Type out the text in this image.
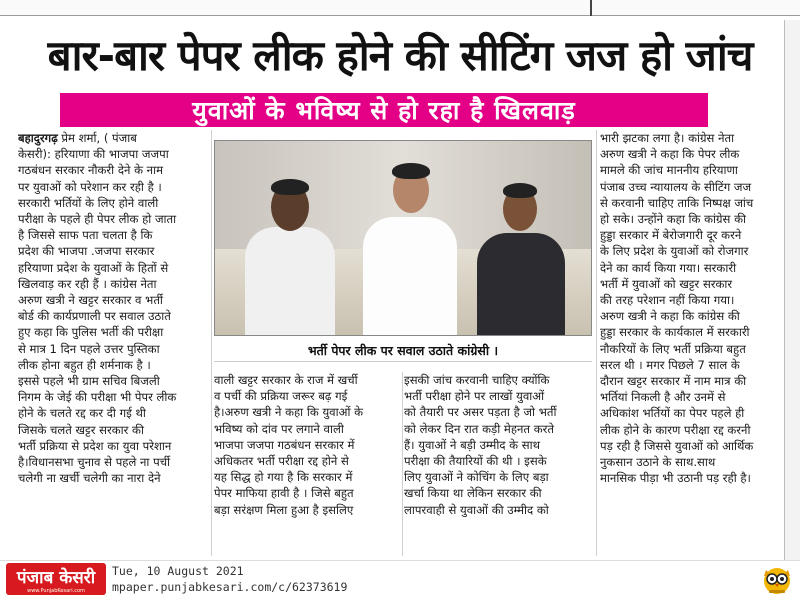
बार-बार पेपर लीक होने की सीटिंग जज हो जांच
युवाओं के भविष्य से हो रहा है खिलवाड़
बहादुरगढ़ प्रेम शर्मा, ( पंजाब
केसरी): हरियाणा की भाजपा जजपा
गठबंधन सरकार नौकरी देने के नाम
पर युवाओं को परेशान कर रही है ।
सरकारी भर्तियों के लिए होने वाली
परीक्षा के पहले ही पेपर लीक हो जाता
है जिससे साफ पता चलता है कि
प्रदेश की भाजपा .जजपा सरकार
हरियाणा प्रदेश के युवाओं के हितों से
खिलवाड़ कर रही हैं । कांग्रेस नेता
अरुण खत्री ने खट्टर सरकार व भर्ती
बोर्ड की कार्यप्रणाली पर सवाल उठाते
हुए कहा कि पुलिस भर्ती की परीक्षा
से मात्र 1 दिन पहले उत्तर पुस्तिका
लीक होना बहुत ही शर्मनाक है ।
इससे पहले भी ग्राम सचिव बिजली
निगम के जेई की परीक्षा भी पेपर लीक
होने के चलते रद्द कर दी गई थी
जिसके चलते खट्टर सरकार की
भर्ती प्रक्रिया से प्रदेश का युवा परेशान
है।विधानसभा चुनाव से पहले ना पर्ची
चलेगी ना खर्ची चलेगी का नारा देने
भर्ती पेपर लीक पर सवाल उठाते कांग्रेसी ।
वाली खट्टर सरकार के राज में खर्ची
व पर्ची की प्रक्रिया जरूर बढ़ गई
है।अरुण खत्री ने कहा कि युवाओं के
भविष्य को दांव पर लगाने वाली
भाजपा जजपा गठबंधन सरकार में
अधिकतर भर्ती परीक्षा रद्द होने से
यह सिद्ध हो गया है कि सरकार में
पेपर माफिया हावी है । जिसे बहुत
बड़ा सरंक्षण मिला हुआ है इसलिए
इसकी जांच करवानी चाहिए क्योंकि
भर्ती परीक्षा होने पर लाखों युवाओं
को तैयारी पर असर पड़ता है जो भर्ती
को लेकर दिन रात कड़ी मेहनत करते
हैं। युवाओं ने बड़ी उम्मीद के साथ
परीक्षा की तैयारियों की थी । इसके
लिए युवाओं ने कोचिंग के लिए बड़ा
खर्चा किया था लेकिन सरकार की
लापरवाही से युवाओं की उम्मीद को
भारी झटका लगा है। कांग्रेस नेता
अरुण खत्री ने कहा कि पेपर लीक
मामले की जांच माननीय हरियाणा
पंजाब उच्च न्यायालय के सीटिंग जज
से करवानी चाहिए ताकि निष्पक्ष जांच
हो सके। उन्होंने कहा कि कांग्रेस की
हुड्डा सरकार में बेरोजगारी दूर करने
के लिए प्रदेश के युवाओं को रोजगार
देने का कार्य किया गया। सरकारी
भर्ती में युवाओं को खट्टर सरकार
की तरह परेशान नहीं किया गया।
अरुण खत्री ने कहा कि कांग्रेस की
हुड्डा सरकार के कार्यकाल में सरकारी
नौकरियों के लिए भर्ती प्रक्रिया बहुत
सरल थी । मगर पिछले 7 साल के
दौरान खट्टर सरकार में नाम मात्र की
भर्तियां निकली है और उनमें से
अधिकांश भर्तियों का पेपर पहले ही
लीक होने के कारण परीक्षा रद्द करनी
पड़ रही है जिससे युवाओं को आर्थिक
नुकसान उठाने के साथ.साथ
मानसिक पीड़ा भी उठानी पड़ रही है।
पंजाब केसरी
www.PunjabKesari.com
Tue, 10 August 2021
mpaper.punjabkesari.com/c/62373619
